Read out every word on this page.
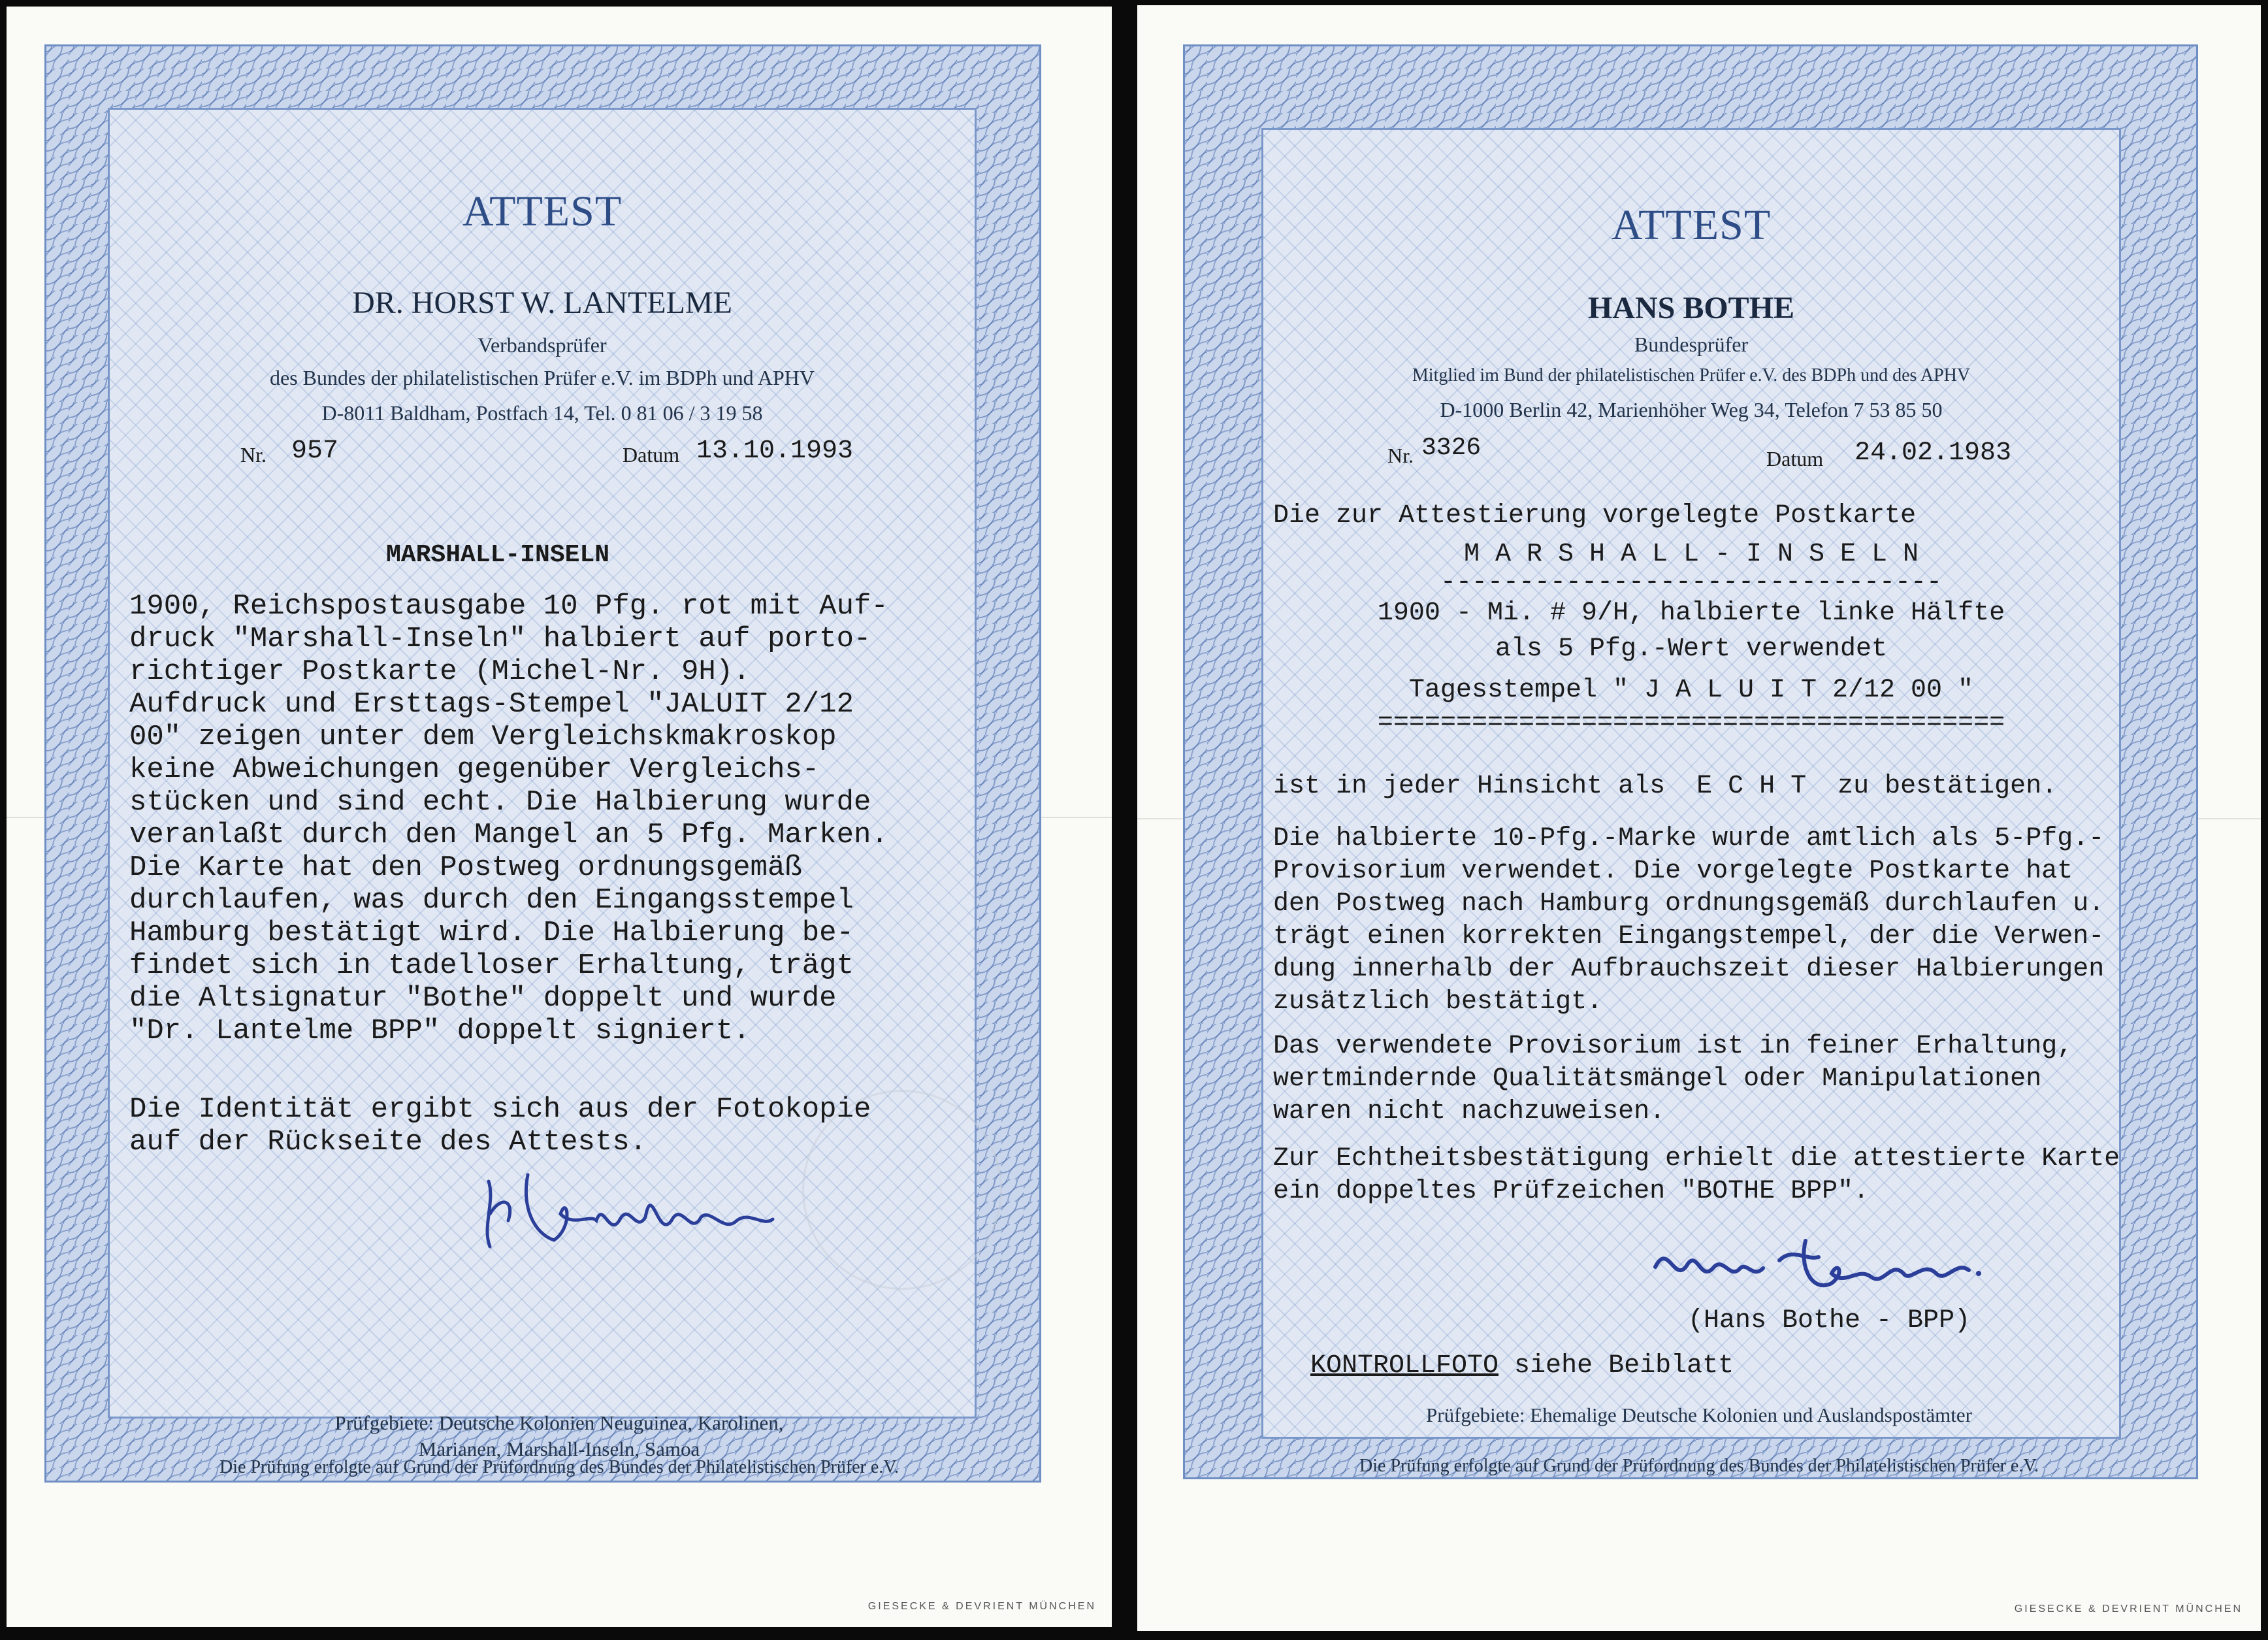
ATTEST
DR. HORST W. LANTELME
Verbandsprüfer
des Bundes der philatelistischen Prüfer e.V. im BDPh und APHV
D-8011 Baldham, Postfach 14, Tel. 0 81 06 / 3 19 58
Nr. 957	Datum 13.10.1993
MARSHALL-INSELN
1900, Reichspostausgabe 10 Pfg. rot mit Auf-
druck "Marshall-Inseln" halbiert auf porto-
richtiger Postkarte (Michel-Nr. 9H).
Aufdruck und Ersttags-Stempel "JALUIT 2/12
00" zeigen unter dem Vergleichskmakroskop
keine Abweichungen gegenüber Vergleichs-
stücken und sind echt. Die Halbierung wurde
veranlaßt durch den Mangel an 5 Pfg. Marken.
Die Karte hat den Postweg ordnungsgemäß
durchlaufen, was durch den Eingangsstempel
Hamburg bestätigt wird. Die Halbierung be-
findet sich in tadelloser Erhaltung, trägt
die Altsignatur "Bothe" doppelt und wurde
"Dr. Lantelme BPP" doppelt signiert.
Die Identität ergibt sich aus der Fotokopie
auf der Rückseite des Attests.
Prüfgebiete: Deutsche Kolonien Neuguinea, Karolinen,
Marianen, Marshall-Inseln, Samoa
Die Prüfung erfolgte auf Grund der Prüfordnung des Bundes der Philatelistischen Prüfer e.V.
GIESECKE & DEVRIENT MÜNCHEN
ATTEST
HANS BOTHE
Bundesprüfer
Mitglied im Bund der philatelistischen Prüfer e.V. des BDPh und des APHV
D-1000 Berlin 42, Marienhöher Weg 34, Telefon 7 53 85 50
Nr. 3326	Datum 24.02.1983
Die zur Attestierung vorgelegte Postkarte
M A R S H A L L - I N S E L N
--------------------------------
1900 - Mi. # 9/H, halbierte linke Hälfte
als 5 Pfg.-Wert verwendet
Tagesstempel " J A L U I T 2/12 00 "
========================================
ist in jeder Hinsicht als  E C H T  zu bestätigen.
Die halbierte 10-Pfg.-Marke wurde amtlich als 5-Pfg.-
Provisorium verwendet. Die vorgelegte Postkarte hat
den Postweg nach Hamburg ordnungsgemäß durchlaufen u.
trägt einen korrekten Eingangstempel, der die Verwen-
dung innerhalb der Aufbrauchszeit dieser Halbierungen
zusätzlich bestätigt.
Das verwendete Provisorium ist in feiner Erhaltung,
wertmindernde Qualitätsmängel oder Manipulationen
waren nicht nachzuweisen.
Zur Echtheitsbestätigung erhielt die attestierte Karte
ein doppeltes Prüfzeichen "BOTHE BPP".
(Hans Bothe - BPP)
KONTROLLFOTO siehe Beiblatt
Prüfgebiete: Ehemalige Deutsche Kolonien und Auslandspostämter
Die Prüfung erfolgte auf Grund der Prüfordnung des Bundes der Philatelistischen Prüfer e.V.
GIESECKE & DEVRIENT MÜNCHEN
